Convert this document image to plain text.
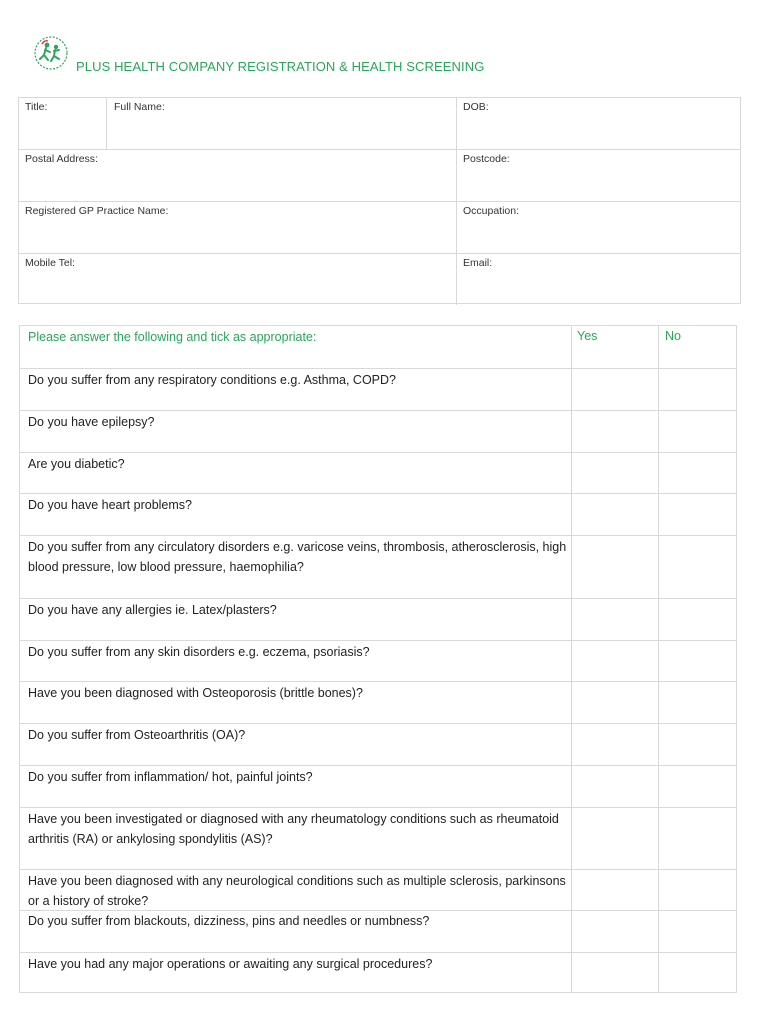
PLUS HEALTH COMPANY REGISTRATION & HEALTH SCREENING
Title:	Full Name:	DOB:
Postal Address:	Postcode:
Registered GP Practice Name:	Occupation:
Mobile Tel:	Email:
Please answer the following and tick as appropriate:	Yes	No
Do you suffer from any respiratory conditions e.g. Asthma, COPD?
Do you have epilepsy?
Are you diabetic?
Do you have heart problems?
Do you suffer from any circulatory disorders e.g. varicose veins, thrombosis, atherosclerosis, high blood pressure, low blood pressure, haemophilia?
Do you have any allergies ie. Latex/plasters?
Do you suffer from any skin disorders e.g. eczema, psoriasis?
Have you been diagnosed with Osteoporosis (brittle bones)?
Do you suffer from Osteoarthritis (OA)?
Do you suffer from inflammation/ hot, painful joints?
Have you been investigated or diagnosed with any rheumatology conditions such as rheumatoid arthritis (RA) or ankylosing spondylitis (AS)?
Have you been diagnosed with any neurological conditions such as multiple sclerosis, parkinsons or a history of stroke?
Do you suffer from blackouts, dizziness, pins and needles or numbness?
Have you had any major operations or awaiting any surgical procedures?
